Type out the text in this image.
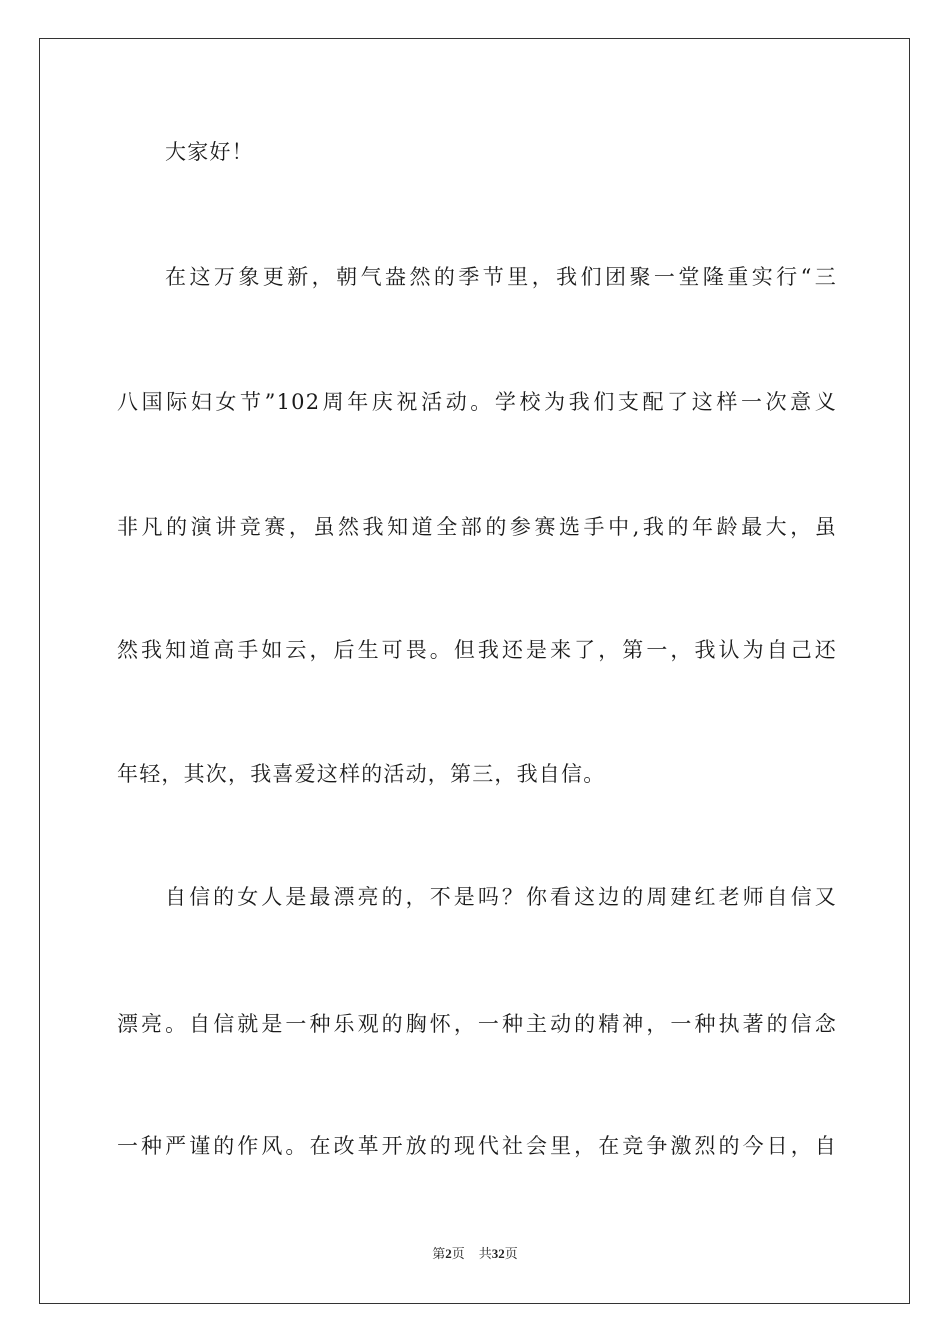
大家好！
在这万象更新，朝气盎然的季节里，我们团聚一堂隆重实行“三
八国际妇女节”102周年庆祝活动。学校为我们支配了这样一次意义
非凡的演讲竞赛，虽然我知道全部的参赛选手中,我的年龄最大，虽
然我知道高手如云，后生可畏。但我还是来了，第一，我认为自己还
年轻，其次，我喜爱这样的活动，第三，我自信。
自信的女人是最漂亮的，不是吗？你看这边的周建红老师自信又
漂亮。自信就是一种乐观的胸怀，一种主动的精神，一种执著的信念
一种严谨的作风。在改革开放的现代社会里，在竞争激烈的今日，自
第2页 共32页
